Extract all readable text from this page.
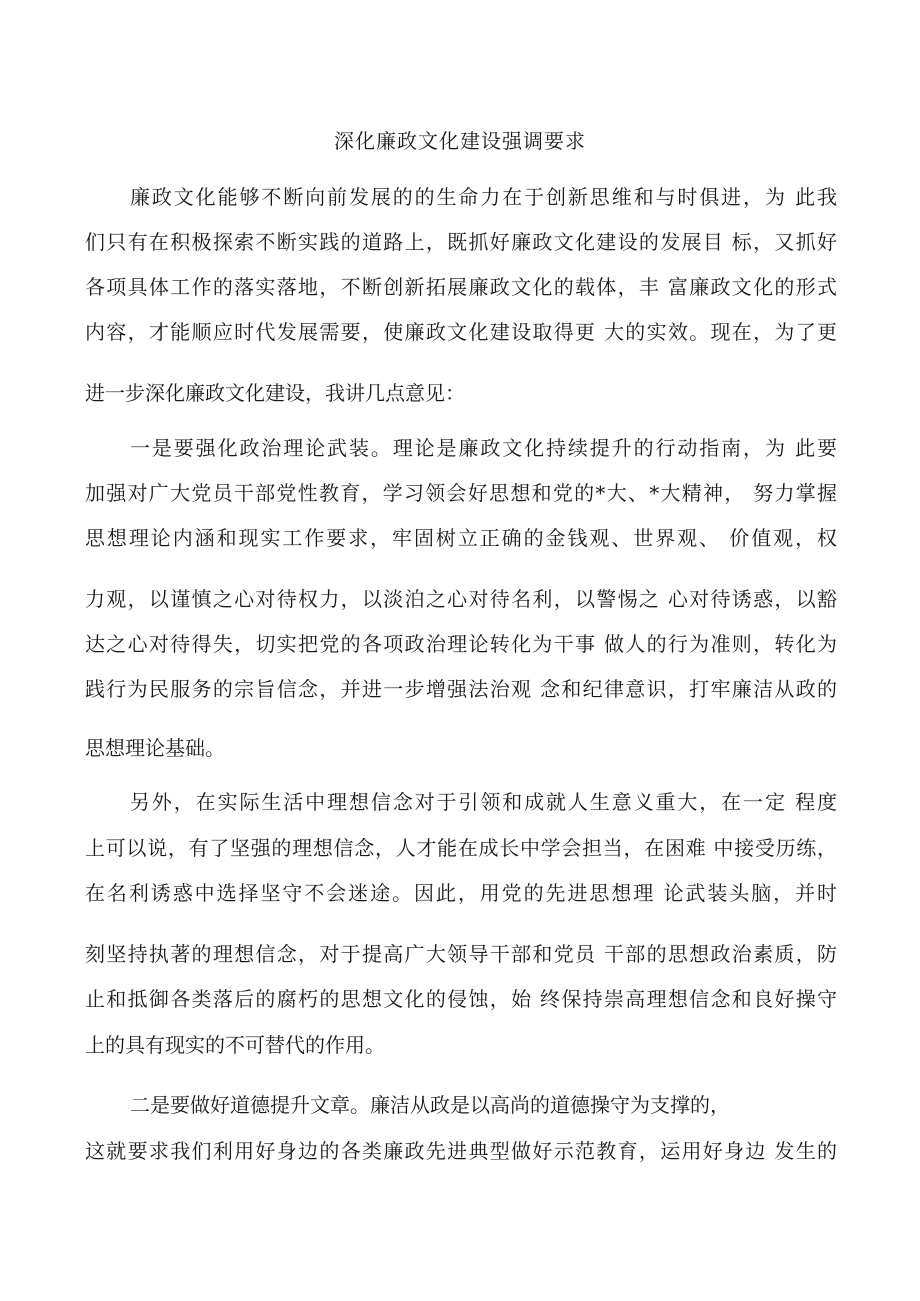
深化廉政文化建设强调要求
廉政文化能够不断向前发展的的生命力在于创新思维和与时俱进，为 此我
们只有在积极探索不断实践的道路上，既抓好廉政文化建设的发展目 标，又抓好
各项具体工作的落实落地，不断创新拓展廉政文化的载体，丰 富廉政文化的形式
内容，才能顺应时代发展需要，使廉政文化建设取得更 大的实效。现在，为了更
进一步深化廉政文化建设，我讲几点意见：
一是要强化政治理论武装。理论是廉政文化持续提升的行动指南，为 此要
加强对广大党员干部党性教育，学习领会好思想和党的*大、*大精神， 努力掌握
思想理论内涵和现实工作要求，牢固树立正确的金钱观、世界观、 价值观，权
力观，以谨慎之心对待权力，以淡泊之心对待名利，以警惕之 心对待诱惑，以豁
达之心对待得失，切实把党的各项政治理论转化为干事 做人的行为准则，转化为
践行为民服务的宗旨信念，并进一步增强法治观 念和纪律意识，打牢廉洁从政的
思想理论基础。
另外，在实际生活中理想信念对于引领和成就人生意义重大，在一定 程度
上可以说，有了坚强的理想信念，人才能在成长中学会担当，在困难 中接受历练，
在名利诱惑中选择坚守不会迷途。因此，用党的先进思想理 论武装头脑，并时
刻坚持执著的理想信念，对于提高广大领导干部和党员 干部的思想政治素质，防
止和抵御各类落后的腐朽的思想文化的侵蚀，始 终保持崇高理想信念和良好操守
上的具有现实的不可替代的作用。
二是要做好道德提升文章。廉洁从政是以高尚的道德操守为支撑的，
这就要求我们利用好身边的各类廉政先进典型做好示范教育，运用好身边 发生的
